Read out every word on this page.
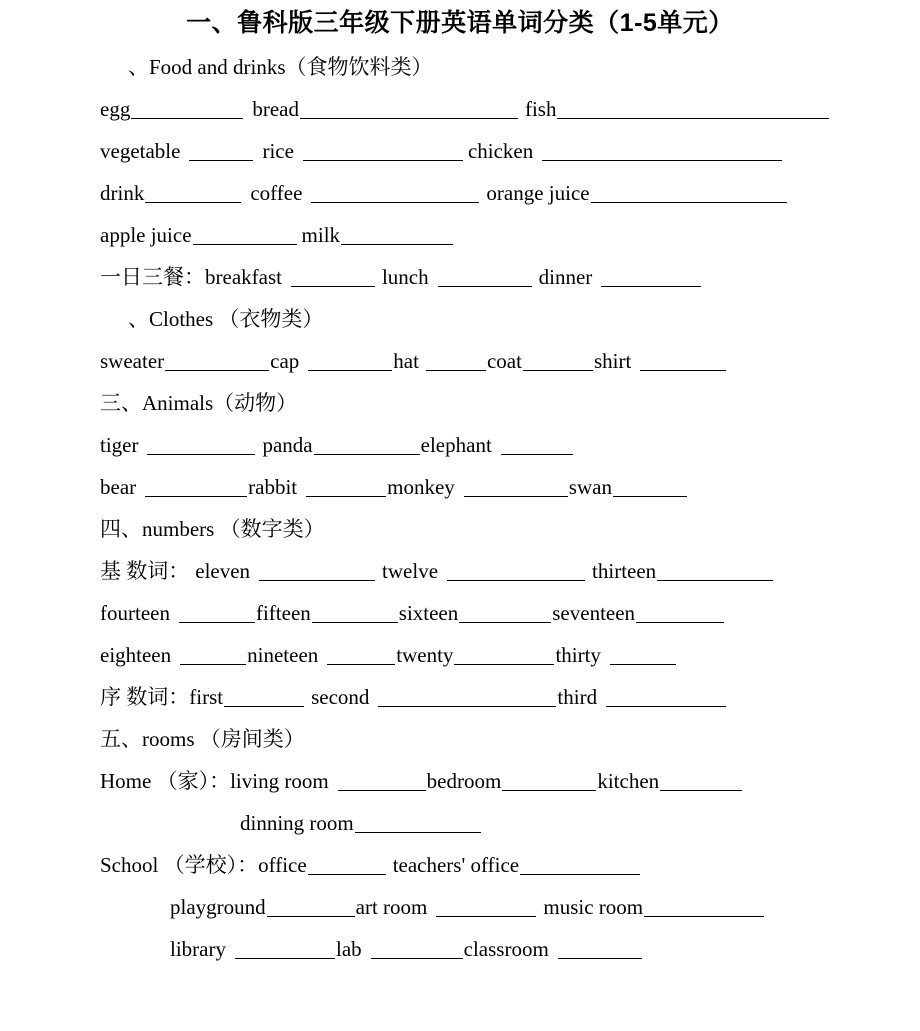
一、鲁科版三年级下册英语单词分类（1-5单元）
、Food and drinks（食物饮料类）
egg	bread	fish
vegetable	rice	chicken
drink	coffee	orange juice
apple juice	milk
一日三餐： breakfast	lunch	dinner
、Clothes （衣物类）
sweater	cap	hat	coat	shirt
三、Animals（动物）
tiger	panda	elephant
bear	rabbit	monkey	swan
四、numbers （数字类）
基 数词： eleven	twelve	thirteen
fourteen	fifteen	sixteen	seventeen
eighteen	nineteen	twenty	thirty
序 数词： first	second	third
五、rooms （房间类）
Home （家）： living room	bedroom	kitchen
dinning room
School （学校）： office	teachers' office
playground	art room	music room
library	lab	classroom
